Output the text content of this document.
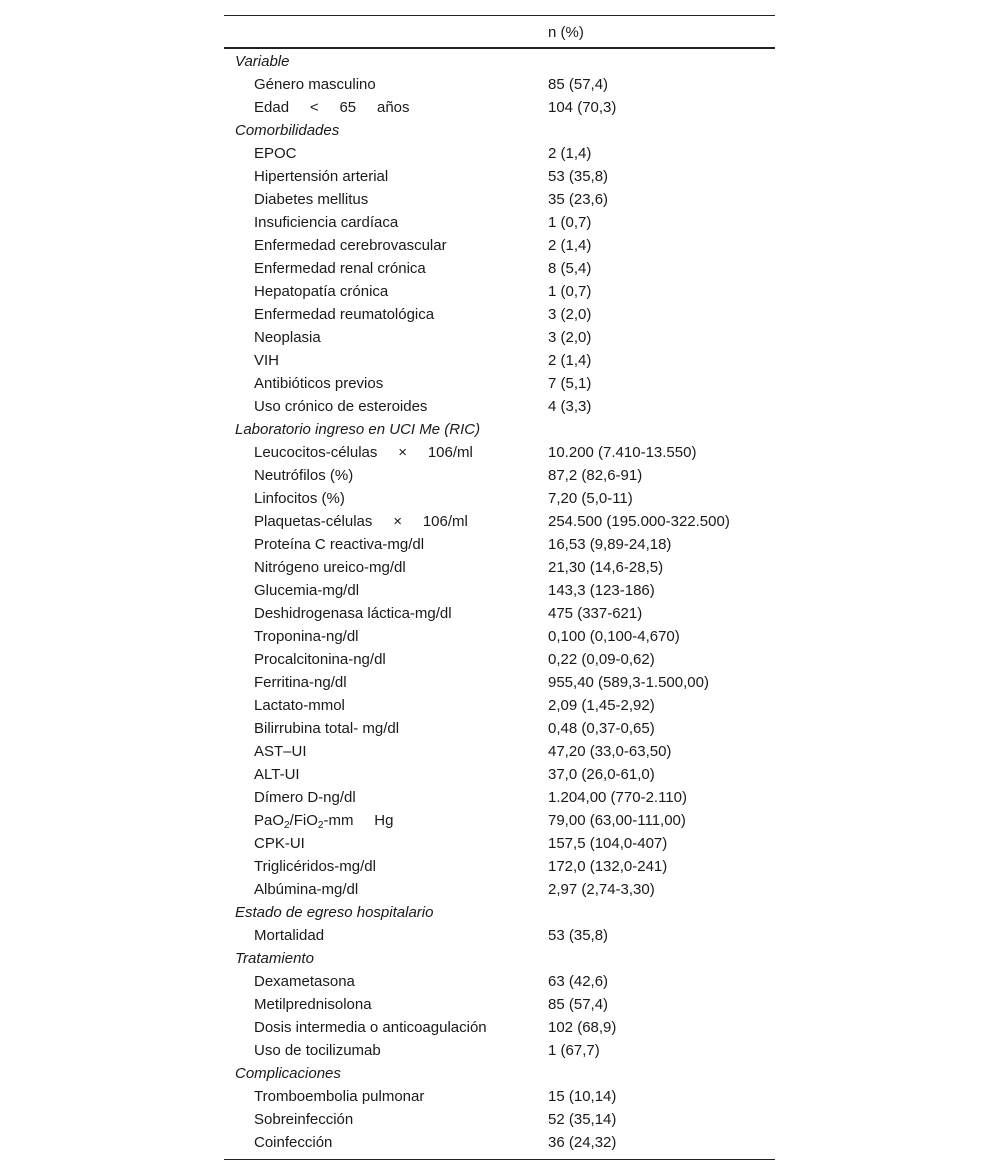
n (%)
Variable
Género masculino	85 (57,4)
Edad     <     65     años	104 (70,3)
Comorbilidades
EPOC	2 (1,4)
Hipertensión arterial	53 (35,8)
Diabetes mellitus	35 (23,6)
Insuficiencia cardíaca	1 (0,7)
Enfermedad cerebrovascular	2 (1,4)
Enfermedad renal crónica	8 (5,4)
Hepatopatía crónica	1 (0,7)
Enfermedad reumatológica	3 (2,0)
Neoplasia	3 (2,0)
VIH	2 (1,4)
Antibióticos previos	7 (5,1)
Uso crónico de esteroides	4 (3,3)
Laboratorio ingreso en UCI Me (RIC)
Leucocitos-células     ×     106/ml	10.200 (7.410-13.550)
Neutrófilos (%)	87,2 (82,6-91)
Linfocitos (%)	7,20 (5,0-11)
Plaquetas-células     ×     106/ml	254.500 (195.000-322.500)
Proteína C reactiva-mg/dl	16,53 (9,89-24,18)
Nitrógeno ureico-mg/dl	21,30 (14,6-28,5)
Glucemia-mg/dl	143,3 (123-186)
Deshidrogenasa láctica-mg/dl	475 (337-621)
Troponina-ng/dl	0,100 (0,100-4,670)
Procalcitonina-ng/dl	0,22 (0,09-0,62)
Ferritina-ng/dl	955,40 (589,3-1.500,00)
Lactato-mmol	2,09 (1,45-2,92)
Bilirrubina total- mg/dl	0,48 (0,37-0,65)
AST–UI	47,20 (33,0-63,50)
ALT-UI	37,0 (26,0-61,0)
Dímero D-ng/dl	1.204,00 (770-2.110)
PaO$_2$/FiO$_2$-mm     Hg	79,00 (63,00-111,00)
CPK-UI	157,5 (104,0-407)
Triglicéridos-mg/dl	172,0 (132,0-241)
Albúmina-mg/dl	2,97 (2,74-3,30)
Estado de egreso hospitalario
Mortalidad	53 (35,8)
Tratamiento
Dexametasona	63 (42,6)
Metilprednisolona	85 (57,4)
Dosis intermedia o anticoagulación	102 (68,9)
Uso de tocilizumab	1 (67,7)
Complicaciones
Tromboembolia pulmonar	15 (10,14)
Sobreinfección	52 (35,14)
Coinfección	36 (24,32)
